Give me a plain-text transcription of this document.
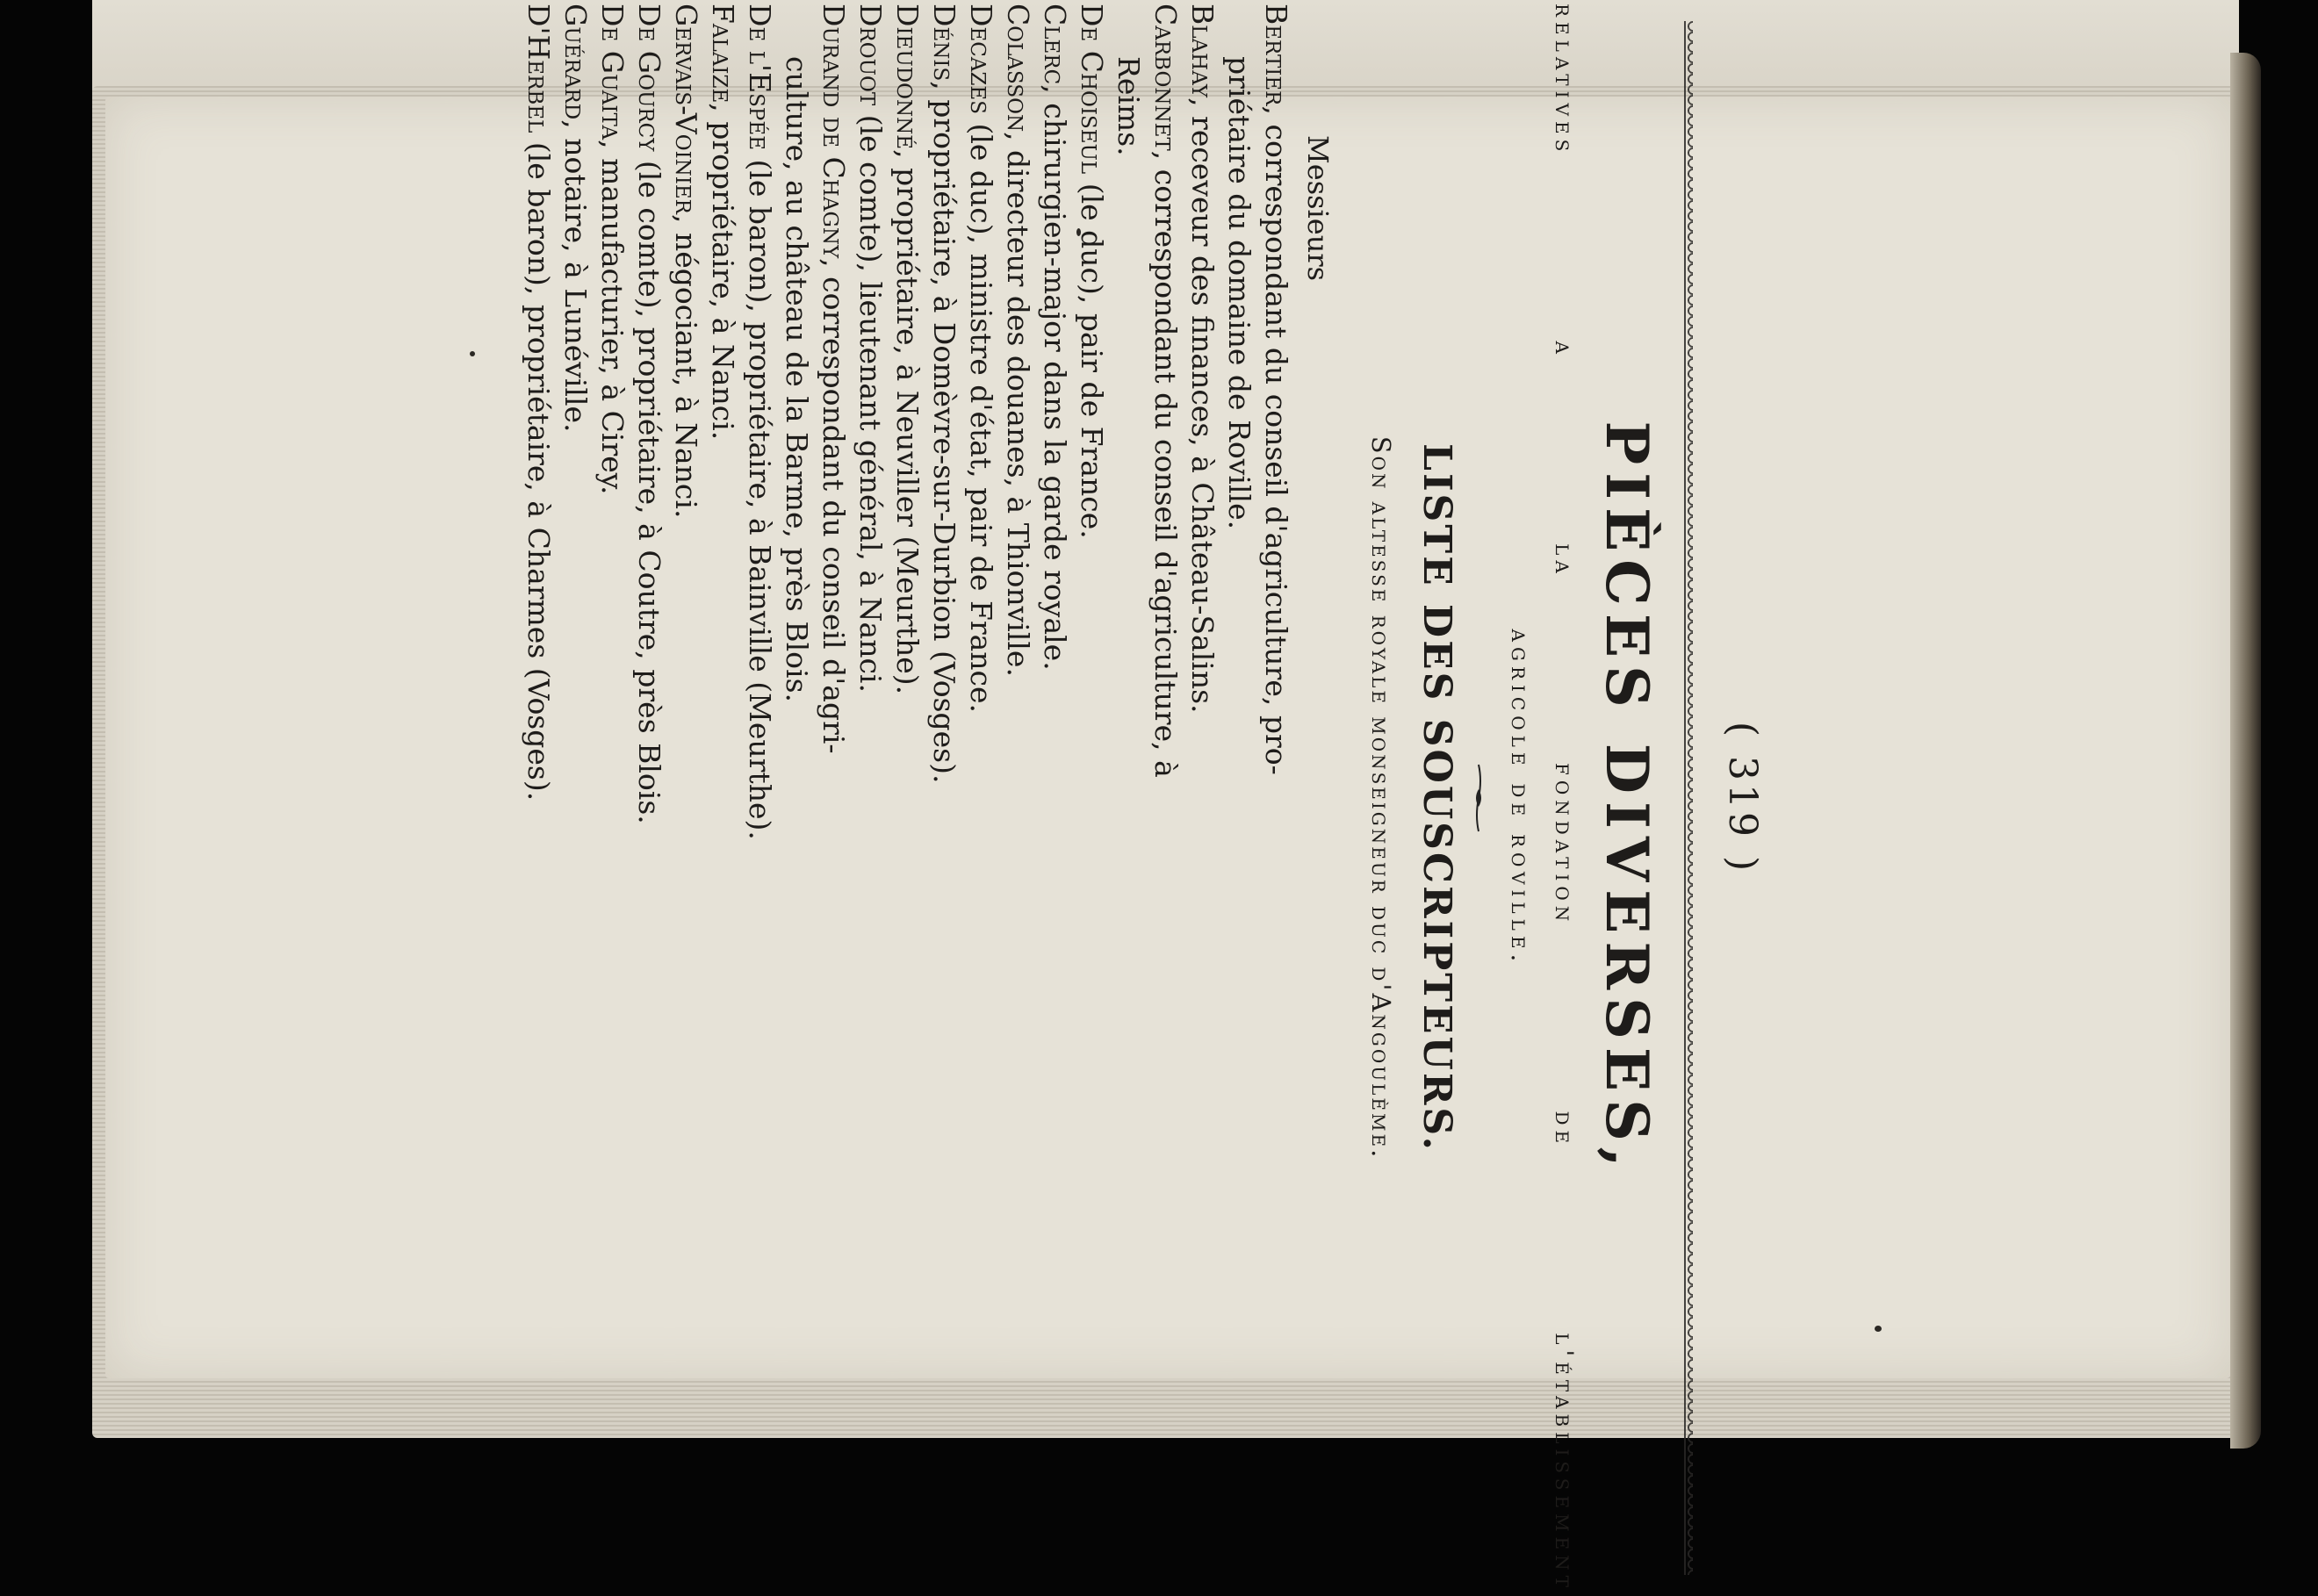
( 319 )
PIÈCES DIVERSES,
relatives a la fondation de l'établissement
agricole de roville.
LISTE DES SOUSCRIPTEURS.
Son altesse royale monseigneur duc d'Angoulème.
Messieurs
Bertier, correspondant du conseil d'agriculture, pro-
priétaire du domaine de Roville.
Blahay, receveur des finances, à Château-Salins.
Carbonnet, correspondant du conseil d'agriculture, à
Reims.
De Choiseul (le duc), pair de France.
Clerc, chirurgien-major dans la garde royale.
Colasson, directeur des douanes, à Thionville.
Decazes (le duc), ministre d'état, pair de France.
Dénis, propriétaire, à Domèvre-sur-Durbion (Vosges).
Dieudonné, propriétaire, à Neuviller (Meurthe).
Drouot (le comte), lieutenant général, à Nanci.
Durand de Chagny, correspondant du conseil d'agri-
culture, au château de la Barme, près Blois.
De l'Espée (le baron), propriétaire, à Bainville (Meurthe).
Falaize, propriétaire, à Nanci.
Gervais-Voinier, négociant, à Nanci.
De Gourcy (le comte), propriétaire, à Coutre, près Blois.
De Guaita, manufacturier, à Cirey.
Guérard, notaire, à Lunéville.
D'Herbel (le baron), propriétaire, à Charmes (Vosges).
